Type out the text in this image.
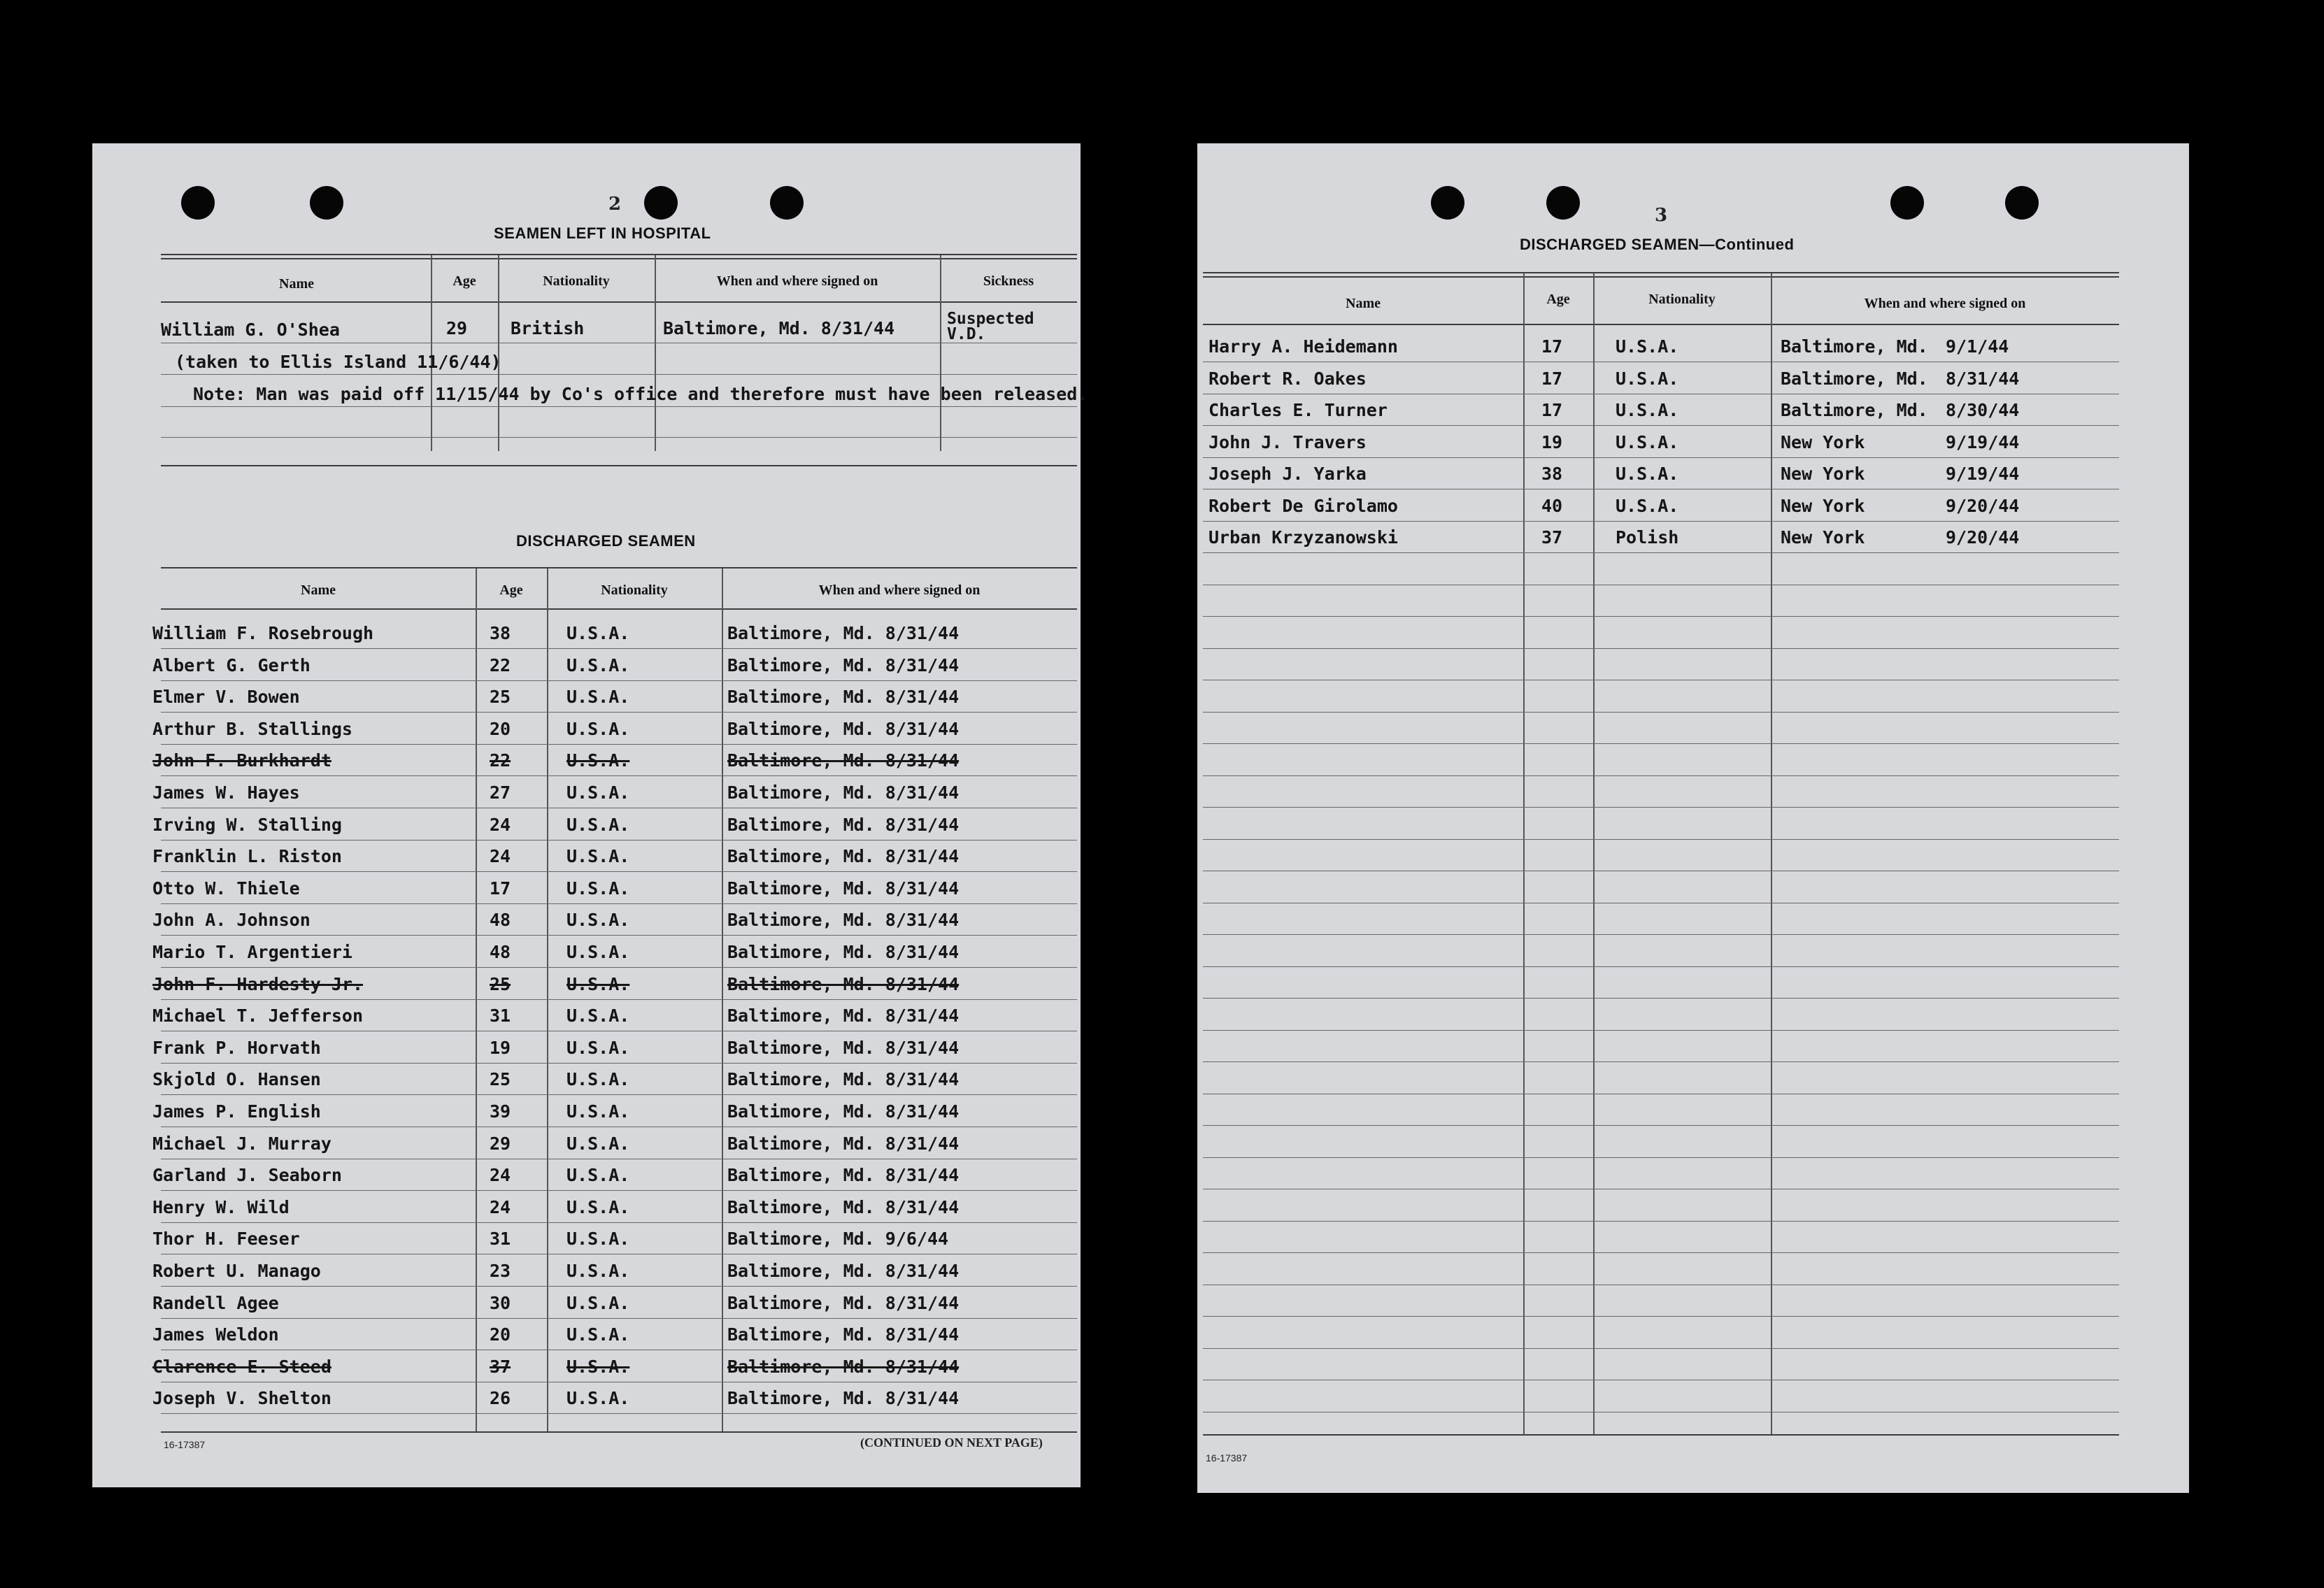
2
SEAMEN LEFT IN HOSPITAL
Name	Age	Nationality	When and where signed on	Sickness
William G. O'Shea	29 British	Baltimore, Md. 8/31/44	Suspected V.D.
(taken to Ellis Island 11/6/44)
Note: Man was paid off 11/15/44 by Co's office and therefore must have been released.
DISCHARGED SEAMEN
Name	Age	Nationality	When and where signed on
William F. Rosebrough	38	U.S.A.	Baltimore, Md. 8/31/44
Albert G. Gerth	22	U.S.A.	Baltimore, Md. 8/31/44
Elmer V. Bowen	25	U.S.A.	Baltimore, Md. 8/31/44
Arthur B. Stallings	20	U.S.A.	Baltimore, Md. 8/31/44
John F. Burkhardt	22	U.S.A.	Baltimore, Md. 8/31/44
James W. Hayes	27	U.S.A.	Baltimore, Md. 8/31/44
Irving W. Stalling	24	U.S.A.	Baltimore, Md. 8/31/44
Franklin L. Riston	24	U.S.A.	Baltimore, Md. 8/31/44
Otto W. Thiele	17	U.S.A.	Baltimore, Md. 8/31/44
John A. Johnson	48	U.S.A.	Baltimore, Md. 8/31/44
Mario T. Argentieri	48	U.S.A.	Baltimore, Md. 8/31/44
John F. Hardesty Jr.	25	U.S.A.	Baltimore, Md. 8/31/44
Michael T. Jefferson	31	U.S.A.	Baltimore, Md. 8/31/44
Frank P. Horvath	19	U.S.A.	Baltimore, Md. 8/31/44
Skjold O. Hansen	25	U.S.A.	Baltimore, Md. 8/31/44
James P. English	39	U.S.A.	Baltimore, Md. 8/31/44
Michael J. Murray	29	U.S.A.	Baltimore, Md. 8/31/44
Garland J. Seaborn	24	U.S.A.	Baltimore, Md. 8/31/44
Henry W. Wild	24	U.S.A.	Baltimore, Md. 8/31/44
Thor H. Feeser	31	U.S.A.	Baltimore, Md. 9/6/44
Robert U. Manago	23	U.S.A.	Baltimore, Md. 8/31/44
Randell Agee	30	U.S.A.	Baltimore, Md. 8/31/44
James Weldon	20	U.S.A.	Baltimore, Md. 8/31/44
Clarence E. Steed	37	U.S.A.	Baltimore, Md. 8/31/44
Joseph V. Shelton	26	U.S.A.	Baltimore, Md. 8/31/44
16-17387	(CONTINUED ON NEXT PAGE)
3
DISCHARGED SEAMEN—Continued
Name	Age	Nationality	When and where signed on
Harry A. Heidemann	17	U.S.A.	Baltimore, Md. 9/1/44
Robert R. Oakes	17	U.S.A.	Baltimore, Md. 8/31/44
Charles E. Turner	17	U.S.A.	Baltimore, Md. 8/30/44
John J. Travers	19	U.S.A.	New York	9/19/44
Joseph J. Yarka	38	U.S.A.	New York	9/19/44
Robert De Girolamo	40	U.S.A.	New York	9/20/44
Urban Krzyzanowski	37	Polish	New York	9/20/44
16-17387
